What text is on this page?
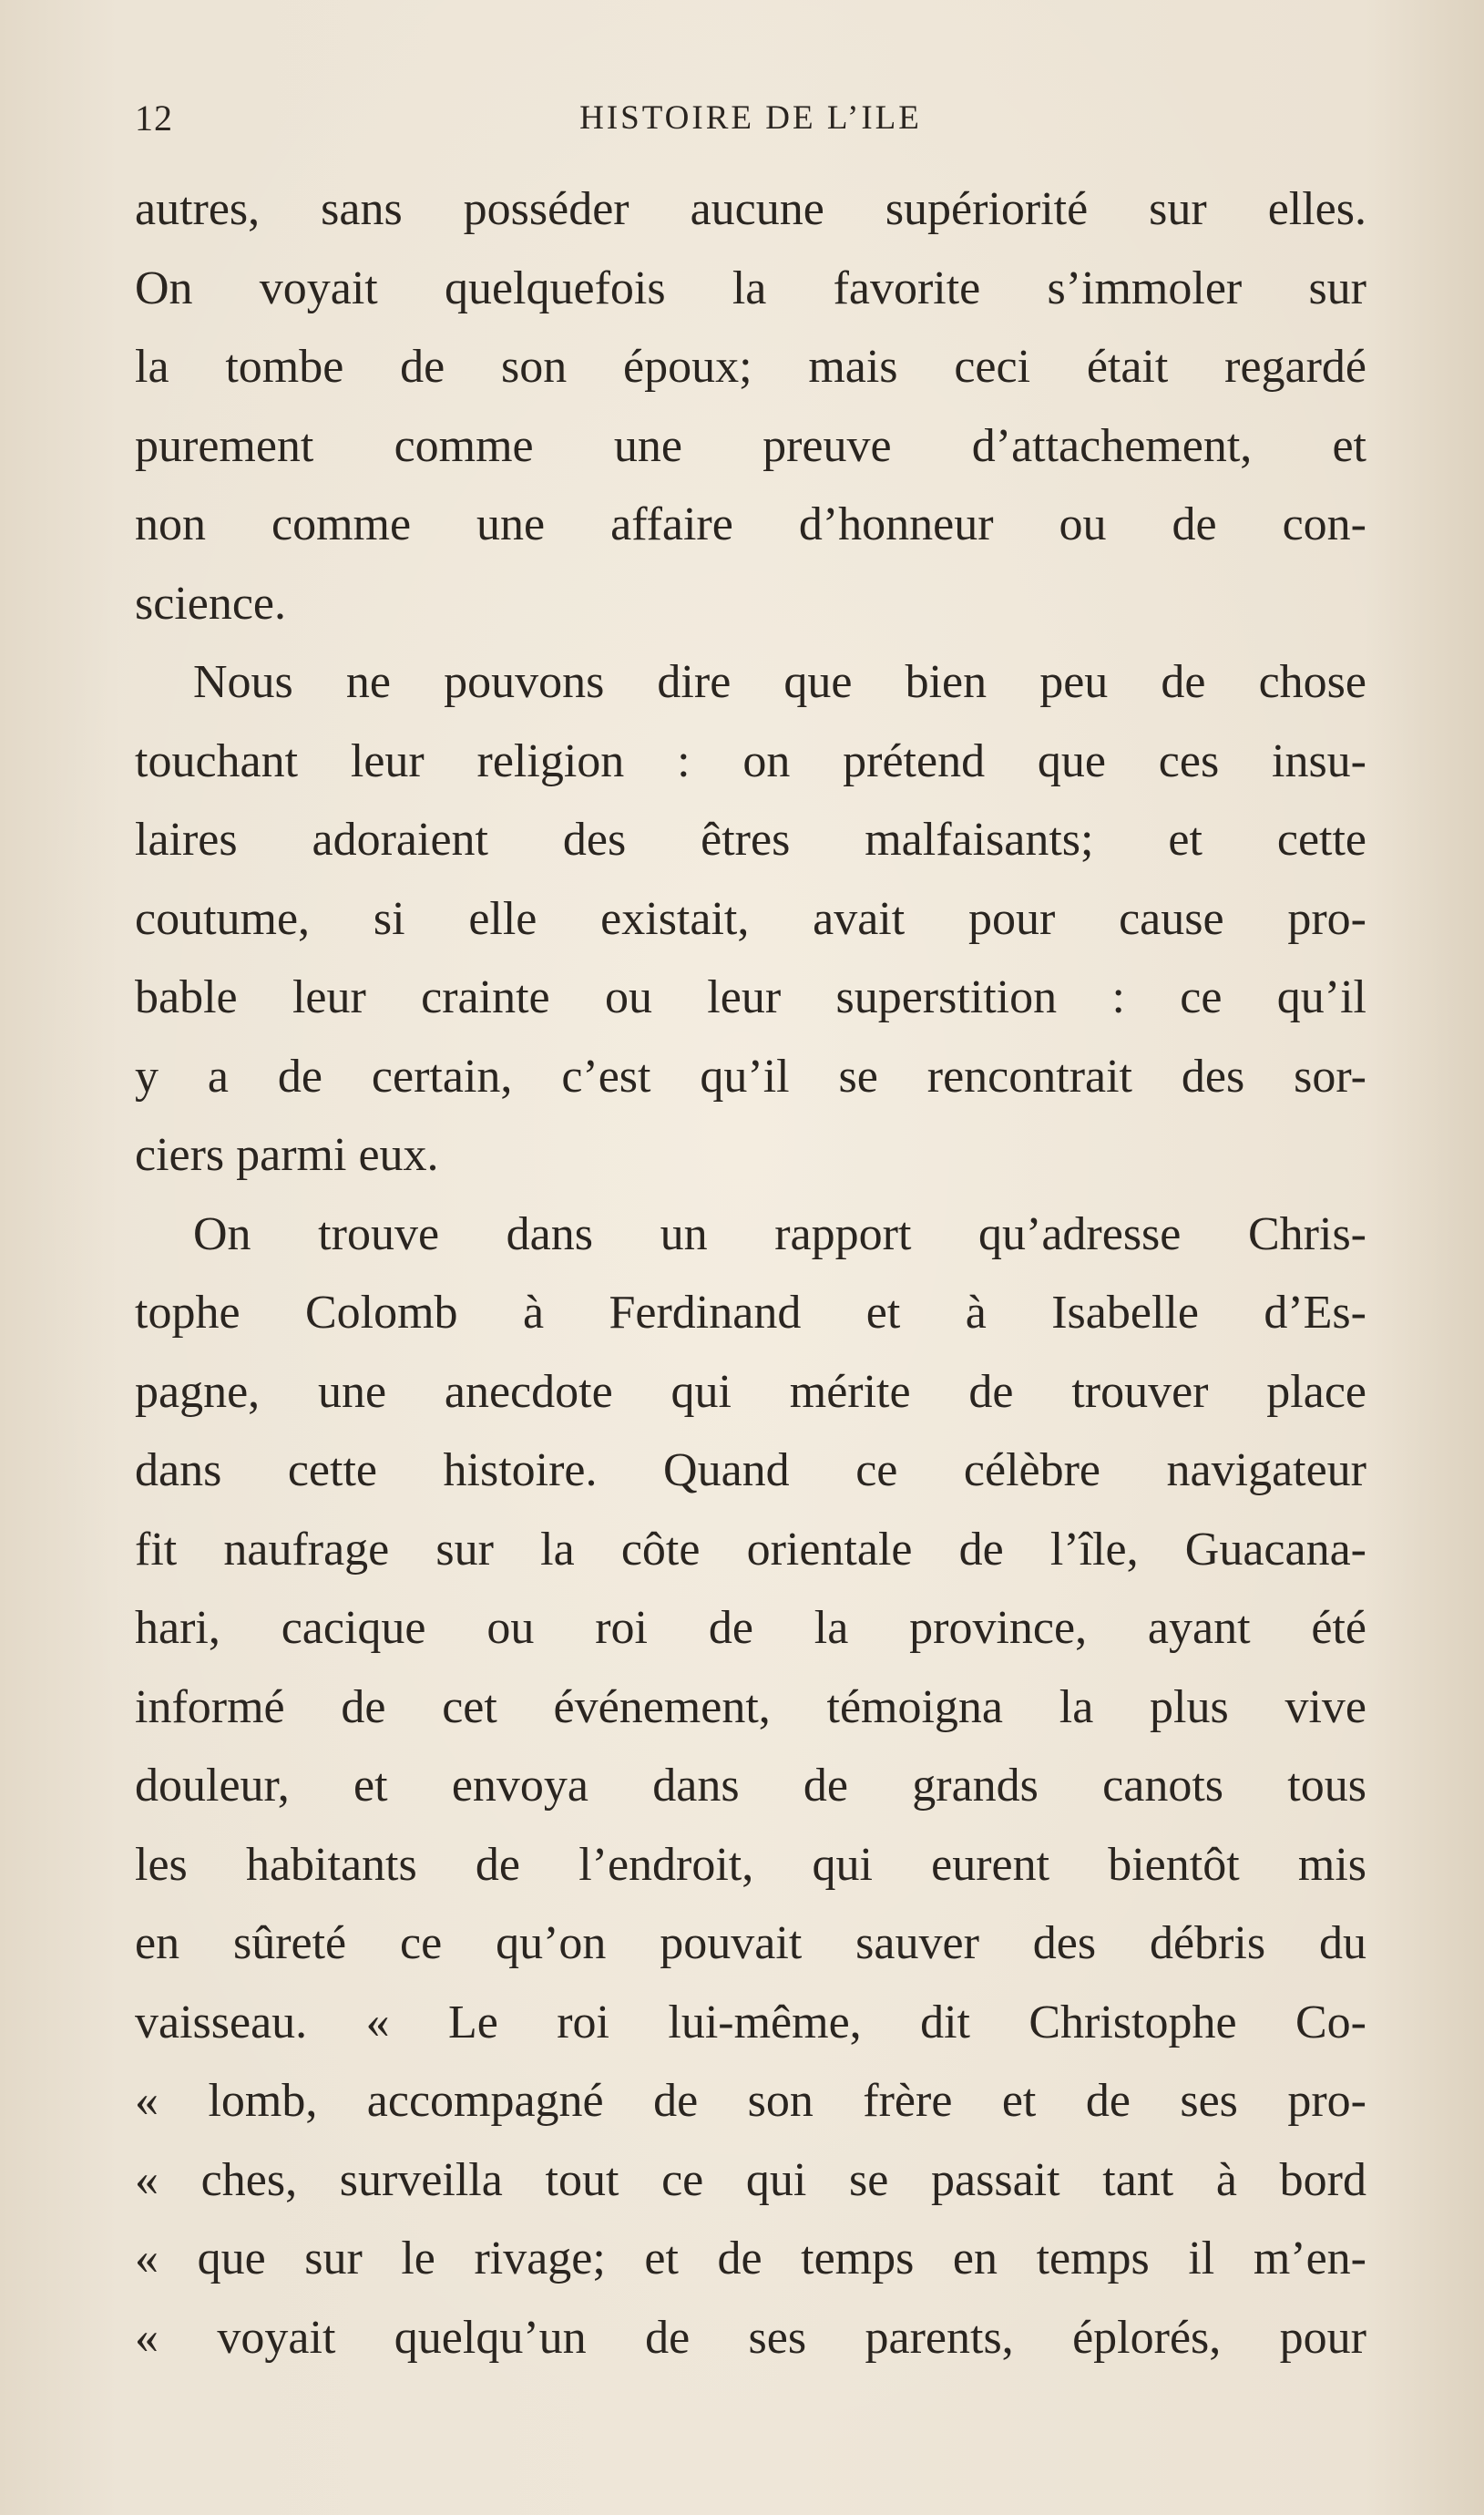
12	HISTOIRE DE L’ILE
autres, sans posséder aucune supériorité sur elles.
On voyait quelquefois la favorite s’immoler sur
la tombe de son époux; mais ceci était regardé
purement comme une preuve d’attachement, et
non comme une affaire d’honneur ou de con-
science.
Nous ne pouvons dire que bien peu de chose
touchant leur religion : on prétend que ces insu-
laires adoraient des êtres malfaisants; et cette
coutume, si elle existait, avait pour cause pro-
bable leur crainte ou leur superstition : ce qu’il
y a de certain, c’est qu’il se rencontrait des sor-
ciers parmi eux.
On trouve dans un rapport qu’adresse Chris-
tophe Colomb à Ferdinand et à Isabelle d’Es-
pagne, une anecdote qui mérite de trouver place
dans cette histoire. Quand ce célèbre navigateur
fit naufrage sur la côte orientale de l’île, Guacana-
hari, cacique ou roi de la province, ayant été
informé de cet événement, témoigna la plus vive
douleur, et envoya dans de grands canots tous
les habitants de l’endroit, qui eurent bientôt mis
en sûreté ce qu’on pouvait sauver des débris du
vaisseau. « Le roi lui-même, dit Christophe Co-
« lomb, accompagné de son frère et de ses pro-
« ches, surveilla tout ce qui se passait tant à bord
« que sur le rivage; et de temps en temps il m’en-
« voyait quelqu’un de ses parents, éplorés, pour
